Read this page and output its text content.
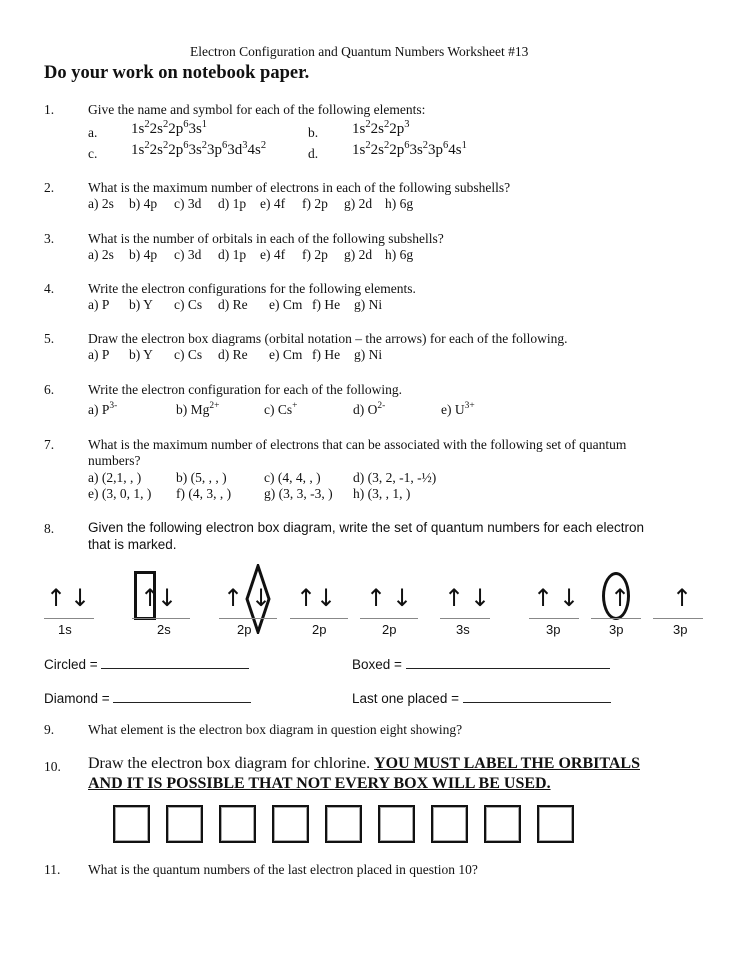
Electron Configuration and Quantum Numbers Worksheet #13
Do your work on notebook paper.
1.	Give the name and symbol for each of the following elements:
a. $1s^22s^22p^63s^1$
b. $1s^22s^22p^3$
c. $1s^22s^22p^63s^23p^63d^34s^2$
d. $1s^22s^22p^63s^23p^64s^1$
2.	What is the maximum number of electrons in each of the following subshells?
a) 2s b) 4p c) 3d d) 1p e) 4f f) 2p g) 2d h) 6g
3.	What is the number of orbitals in each of the following subshells?
a) 2s b) 4p c) 3d d) 1p e) 4f f) 2p g) 2d h) 6g
4.	Write the electron configurations for the following elements.
a) P b) Y c) Cs d) Re e) Cm f) He g) Ni
5.	Draw the electron box diagrams (orbital notation – the arrows) for each of the following.
a) P b) Y c) Cs d) Re e) Cm f) He g) Ni
6.	Write the electron configuration for each of the following.
a) $P^{3-}$	b) $Mg^{2+}$	c) Cs+	d) $O^{2-}$	e) $U^{3+}$
7.	What is the maximum number of electrons that can be associated with the following set of quantum
numbers?
a) (2,1, , )	b) (5, , , )	c) (4, 4, , ) d) (3, 2, -1, -½)
e) (3, 0, 1, ) f) (4, 3, , ) g) (3, 3, -3, ) h) (3, , 1, )
8.	Given the following electron box diagram, write the set of quantum numbers for each electron
that is marked.
↑ ↓
1s
↑
↓
2s
↑ ↓
2p
↑ ↓
2p
↑ ↓
2p
↑ ↓
3s
↑ ↓
3p
↑
3p
↑
3p
Circled =	Boxed =
Diamond =	Last one placed =
9.	What element is the electron box diagram in question eight showing?
10. Draw the electron box diagram for chlorine. YOU MUST LABEL THE ORBITALS
AND IT IS POSSIBLE THAT NOT EVERY BOX WILL BE USED.
11. What is the quantum numbers of the last electron placed in question 10?
